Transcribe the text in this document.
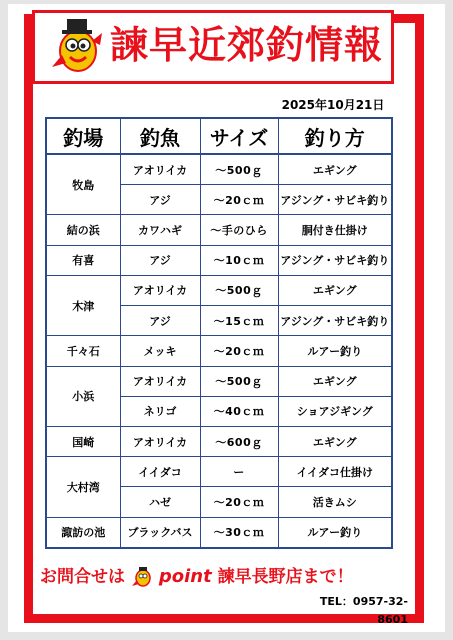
諫早近郊釣情報
2025年10月21日
釣場	釣魚	サイズ	釣り方
牧島	アオリイカ	～500ｇ	エギング
	アジ	～20ｃｍ	アジング・サビキ釣り
結の浜	カワハギ	～手のひら	胴付き仕掛け
有喜	アジ	～10ｃｍ	アジング・サビキ釣り
木津	アオリイカ	～500ｇ	エギング
	アジ	～15ｃｍ	アジング・サビキ釣り
千々石	メッキ	～20ｃｍ	ルアー釣り
小浜	アオリイカ	～500ｇ	エギング
	ネリゴ	～40ｃｍ	ショアジギング
国崎	アオリイカ	～600ｇ	エギング
大村湾	イイダコ	ー	イイダコ仕掛け
	ハゼ	～20ｃｍ	活きムシ
諏訪の池	ブラックバス	～30ｃｍ	ルアー釣り
お問合せは point 諫早長野店まで！
TEL：0957-32-8601
